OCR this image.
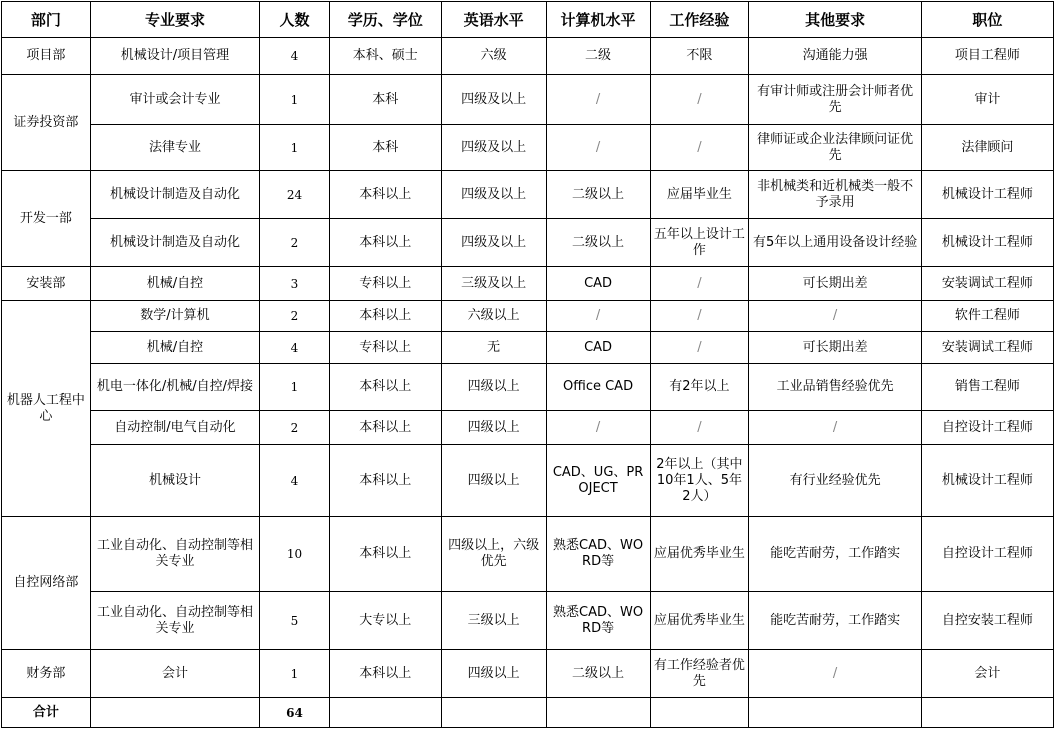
部门	专业要求	人数	学历、学位	英语水平	计算机水平	工作经验	其他要求	职位
项目部	机械设计/项目管理	4	本科、硕士	六级	二级	不限	沟通能力强	项目工程师
证券投资部	审计或会计专业	1	本科	四级及以上	/	/	有审计师或注册会计师者优先	审计
	法律专业	1	本科	四级及以上	/	/	律师证或企业法律顾问证优先	法律顾问
开发一部	机械设计制造及自动化	24	本科以上	四级及以上	二级以上	应届毕业生	非机械类和近机械类一般不予录用	机械设计工程师
	机械设计制造及自动化	2	本科以上	四级及以上	二级以上	五年以上设计工作	有5年以上通用设备设计经验	机械设计工程师
安装部	机械/自控	3	专科以上	三级及以上	CAD	/	可长期出差	安装调试工程师
机器人工程中心	数学/计算机	2	本科以上	六级以上	/	/	/	软件工程师
	机械/自控	4	专科以上	无	CAD	/	可长期出差	安装调试工程师
	机电一体化/机械/自控/焊接	1	本科以上	四级以上	Office CAD	有2年以上	工业品销售经验优先	销售工程师
	自动控制/电气自动化	2	本科以上	四级以上	/	/	/	自控设计工程师
	机械设计	4	本科以上	四级以上	CAD、UG、PROJECT	2年以上（其中10年1人、5年2人）	有行业经验优先	机械设计工程师
自控网络部	工业自动化、自动控制等相关专业	10	本科以上	四级以上，六级优先	熟悉CAD、WORD等	应届优秀毕业生	能吃苦耐劳，工作踏实	自控设计工程师
	工业自动化、自动控制等相关专业	5	大专以上	三级以上	熟悉CAD、WORD等	应届优秀毕业生	能吃苦耐劳，工作踏实	自控安装工程师
财务部	会计	1	本科以上	四级以上	二级以上	有工作经验者优先	/	会计
合计		64						
